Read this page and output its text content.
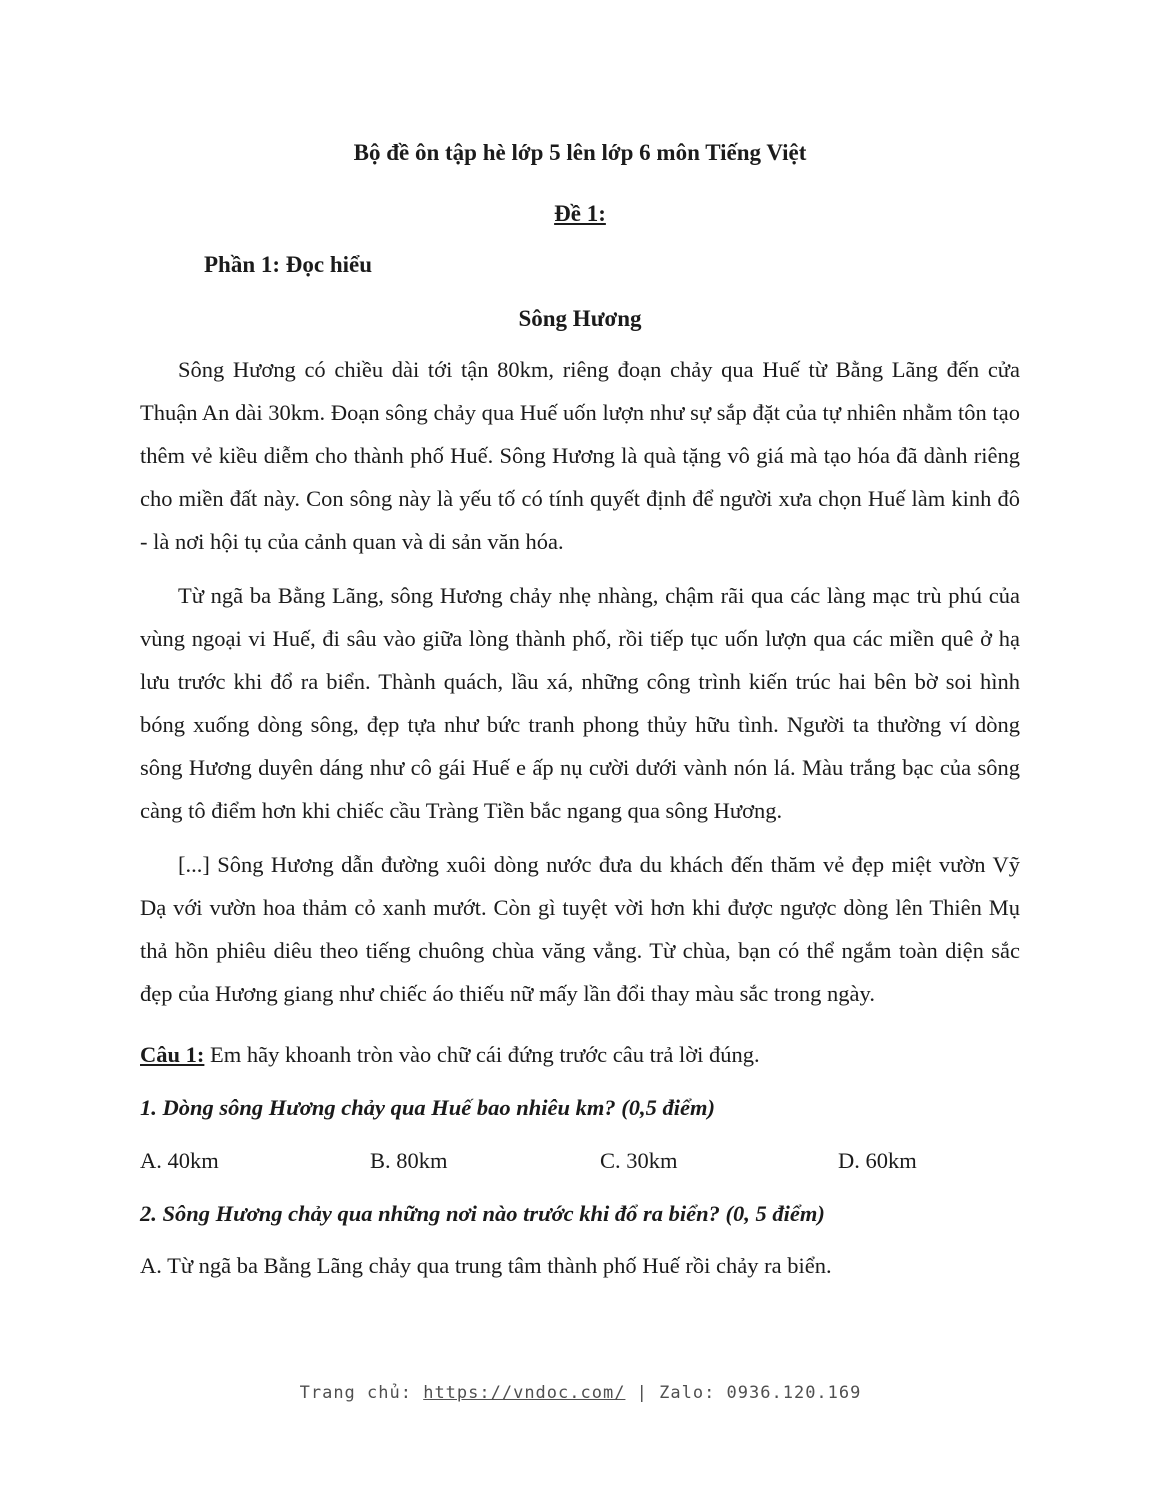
Bộ đề ôn tập hè lớp 5 lên lớp 6 môn Tiếng Việt
Đề 1:
Phần 1: Đọc hiểu
Sông Hương

Sông Hương có chiều dài tới tận 80km, riêng đoạn chảy qua Huế từ Bằng Lãng đến cửa Thuận An dài 30km. Đoạn sông chảy qua Huế uốn lượn như sự sắp đặt của tự nhiên nhằm tôn tạo thêm vẻ kiều diễm cho thành phố Huế. Sông Hương là quà tặng vô giá mà tạo hóa đã dành riêng cho miền đất này. Con sông này là yếu tố có tính quyết định để người xưa chọn Huế làm kinh đô - là nơi hội tụ của cảnh quan và di sản văn hóa.

Từ ngã ba Bằng Lãng, sông Hương chảy nhẹ nhàng, chậm rãi qua các làng mạc trù phú của vùng ngoại vi Huế, đi sâu vào giữa lòng thành phố, rồi tiếp tục uốn lượn qua các miền quê ở hạ lưu trước khi đổ ra biển. Thành quách, lầu xá, những công trình kiến trúc hai bên bờ soi hình bóng xuống dòng sông, đẹp tựa như bức tranh phong thủy hữu tình. Người ta thường ví dòng sông Hương duyên dáng như cô gái Huế e ấp nụ cười dưới vành nón lá. Màu trắng bạc của sông càng tô điểm hơn khi chiếc cầu Tràng Tiền bắc ngang qua sông Hương.

[...] Sông Hương dẫn đường xuôi dòng nước đưa du khách đến thăm vẻ đẹp miệt vườn Vỹ Dạ với vườn hoa thảm cỏ xanh mướt. Còn gì tuyệt vời hơn khi được ngược dòng lên Thiên Mụ thả hồn phiêu diêu theo tiếng chuông chùa văng vẳng. Từ chùa, bạn có thể ngắm toàn diện sắc đẹp của Hương giang như chiếc áo thiếu nữ mấy lần đổi thay màu sắc trong ngày.

Câu 1: Em hãy khoanh tròn vào chữ cái đứng trước câu trả lời đúng.
1. Dòng sông Hương chảy qua Huế bao nhiêu km? (0,5 điểm)
A. 40km	B. 80km	C. 30km	D. 60km
2. Sông Hương chảy qua những nơi nào trước khi đổ ra biển? (0, 5 điểm)
A. Từ ngã ba Bằng Lãng chảy qua trung tâm thành phố Huế rồi chảy ra biển.
Trang chủ: https://vndoc.com/ | Zalo: 0936.120.169
